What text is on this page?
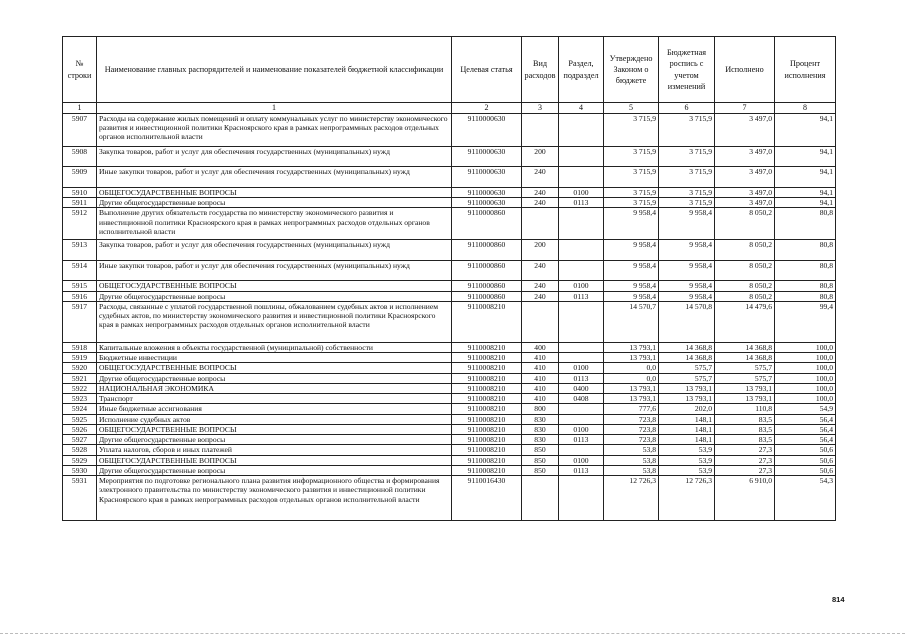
№ строки	Наименование главных распорядителей и наименование показателей бюджетной классификации	Целевая статья	Вид расходов	Раздел, подраздел	Утверждено Законом о бюджете	Бюджетная роспись с учетом изменений	Исполнено	Процент исполнения
1	1	2	3	4	5	6	7	8
5907	Расходы на содержание жилых помещений и оплату коммунальных услуг по министерству экономического развития и инвестиционной политики Красноярского края в рамках непрограммных расходов отдельных органов исполнительной власти	9110000630			3 715,9	3 715,9	3 497,0	94,1
5908	Закупка товаров, работ и услуг для обеспечения государственных (муниципальных) нужд	9110000630	200		3 715,9	3 715,9	3 497,0	94,1
5909	Иные закупки товаров, работ и услуг для обеспечения государственных (муниципальных) нужд	9110000630	240		3 715,9	3 715,9	3 497,0	94,1
5910	ОБЩЕГОСУДАРСТВЕННЫЕ ВОПРОСЫ	9110000630	240	0100	3 715,9	3 715,9	3 497,0	94,1
5911	Другие общегосударственные вопросы	9110000630	240	0113	3 715,9	3 715,9	3 497,0	94,1
5912	Выполнение других обязательств государства по министерству экономического развития и инвестиционной политики Красноярского края в рамках непрограммных расходов отдельных органов исполнительной власти	9110000860			9 958,4	9 958,4	8 050,2	80,8
5913	Закупка товаров, работ и услуг для обеспечения государственных (муниципальных) нужд	9110000860	200		9 958,4	9 958,4	8 050,2	80,8
5914	Иные закупки товаров, работ и услуг для обеспечения государственных (муниципальных) нужд	9110000860	240		9 958,4	9 958,4	8 050,2	80,8
5915	ОБЩЕГОСУДАРСТВЕННЫЕ ВОПРОСЫ	9110000860	240	0100	9 958,4	9 958,4	8 050,2	80,8
5916	Другие общегосударственные вопросы	9110000860	240	0113	9 958,4	9 958,4	8 050,2	80,8
5917	Расходы, связанные с уплатой государственной пошлины, обжалованием судебных актов и исполнением судебных актов, по министерству экономического развития и инвестиционной политики Красноярского края в рамках непрограммных расходов отдельных органов исполнительной власти	9110008210			14 570,7	14 570,8	14 479,6	99,4
5918	Капитальные вложения в объекты государственной (муниципальной) собственности	9110008210	400		13 793,1	14 368,8	14 368,8	100,0
5919	Бюджетные инвестиции	9110008210	410		13 793,1	14 368,8	14 368,8	100,0
5920	ОБЩЕГОСУДАРСТВЕННЫЕ ВОПРОСЫ	9110008210	410	0100	0,0	575,7	575,7	100,0
5921	Другие общегосударственные вопросы	9110008210	410	0113	0,0	575,7	575,7	100,0
5922	НАЦИОНАЛЬНАЯ ЭКОНОМИКА	9110008210	410	0400	13 793,1	13 793,1	13 793,1	100,0
5923	Транспорт	9110008210	410	0408	13 793,1	13 793,1	13 793,1	100,0
5924	Иные бюджетные ассигнования	9110008210	800		777,6	202,0	110,8	54,9
5925	Исполнение судебных актов	9110008210	830		723,8	148,1	83,5	56,4
5926	ОБЩЕГОСУДАРСТВЕННЫЕ ВОПРОСЫ	9110008210	830	0100	723,8	148,1	83,5	56,4
5927	Другие общегосударственные вопросы	9110008210	830	0113	723,8	148,1	83,5	56,4
5928	Уплата налогов, сборов и иных платежей	9110008210	850		53,8	53,9	27,3	50,6
5929	ОБЩЕГОСУДАРСТВЕННЫЕ ВОПРОСЫ	9110008210	850	0100	53,8	53,9	27,3	50,6
5930	Другие общегосударственные вопросы	9110008210	850	0113	53,8	53,9	27,3	50,6
5931	Мероприятия по подготовке регионального плана развития информационного общества и формирования электронного правительства по министерству экономического развития и инвестиционной политики Красноярского края в рамках непрограммных расходов отдельных органов исполнительной власти	9110016430			12 726,3	12 726,3	6 910,0	54,3
814
